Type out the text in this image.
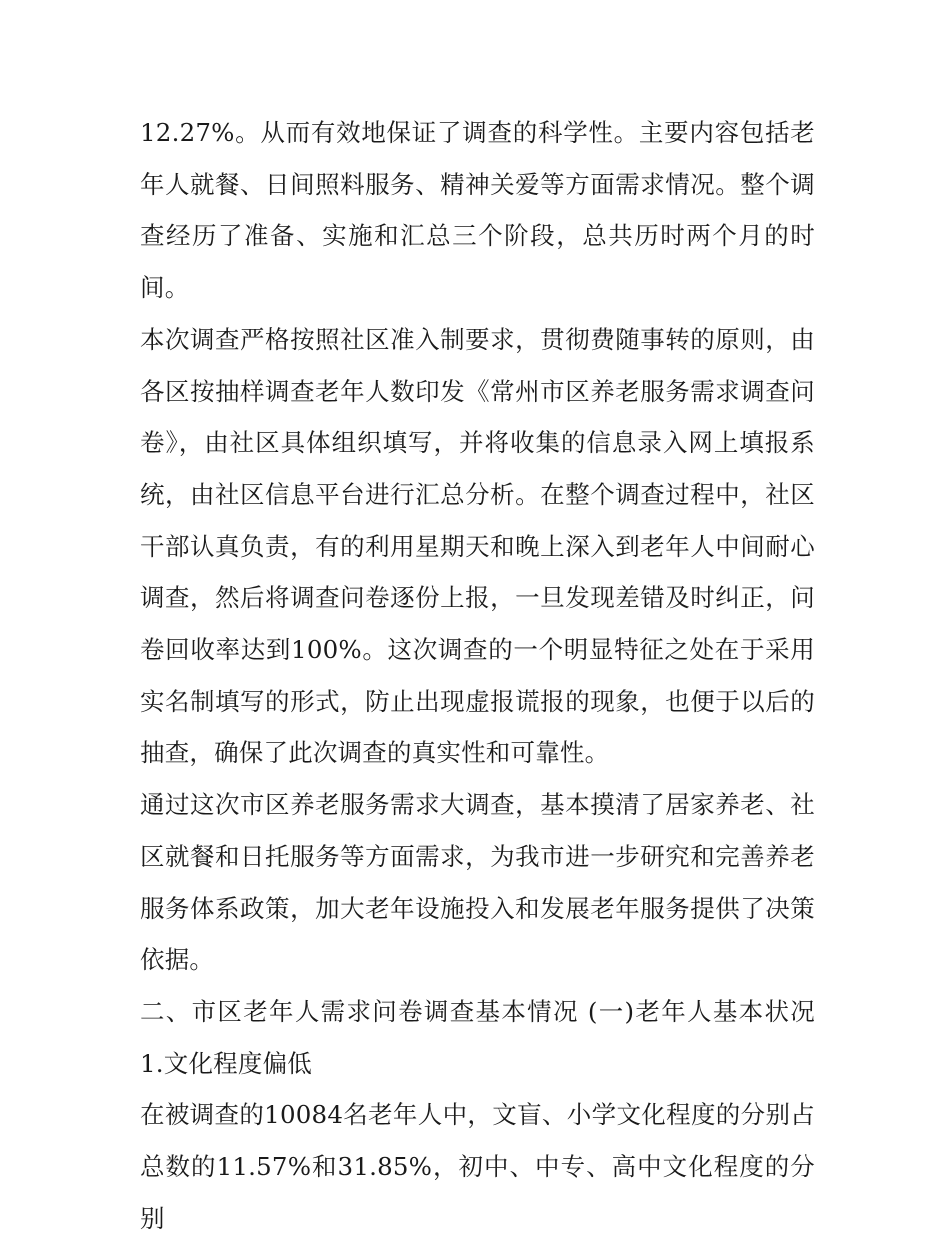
12.27%。从而有效地保证了调查的科学性。主要内容包括老年人就餐、日间照料服务、精神关爱等方面需求情况。整个调查经历了准备、实施和汇总三个阶段，总共历时两个月的时间。

本次调查严格按照社区准入制要求，贯彻费随事转的原则，由各区按抽样调查老年人数印发《常州市区养老服务需求调查问卷》，由社区具体组织填写，并将收集的信息录入网上填报系统，由社区信息平台进行汇总分析。在整个调查过程中，社区干部认真负责，有的利用星期天和晚上深入到老年人中间耐心调查，然后将调查问卷逐份上报，一旦发现差错及时纠正，问卷回收率达到100%。这次调查的一个明显特征之处在于采用实名制填写的形式，防止出现虚报谎报的现象，也便于以后的抽查，确保了此次调查的真实性和可靠性。

通过这次市区养老服务需求大调查，基本摸清了居家养老、社区就餐和日托服务等方面需求，为我市进一步研究和完善养老服务体系政策，加大老年设施投入和发展老年服务提供了决策依据。

二、市区老年人需求问卷调查基本情况 (一)老年人基本状况 1.文化程度偏低

在被调查的10084名老年人中，文盲、小学文化程度的分别占总数的11.57%和31.85%，初中、中专、高中文化程度的分别
